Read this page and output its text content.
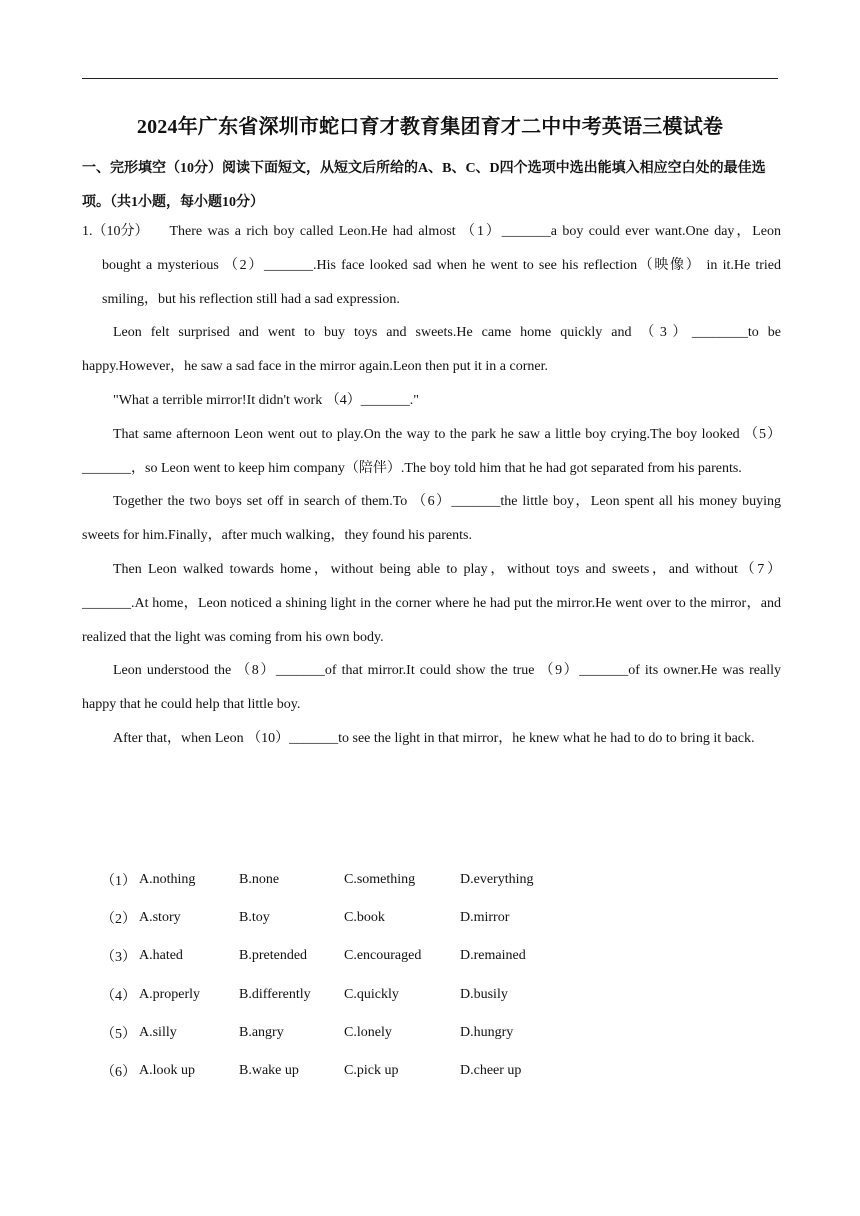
2024年广东省深圳市蛇口育才教育集团育才二中中考英语三模试卷
一、完形填空（10分）阅读下面短文，从短文后所给的A、B、C、D四个选项中选出能填入相应空白处的最佳选项。（共1小题，每小题10分）

1.（10分）   There was a rich boy called Leon.He had almost （1）_______a boy could ever want.One day，Leon bought a mysterious （2）_______.His face looked sad when he went to see his reflection（映像） in it.He tried smiling，but his reflection still had a sad expression.

Leon felt surprised and went to buy toys and sweets.He came home quickly and （3）________to be happy.However，he saw a sad face in the mirror again.Leon then put it in a corner.

"What a terrible mirror!It didn't work （4）_______."

That same afternoon Leon went out to play.On the way to the park he saw a little boy crying.The boy looked （5）_______，so Leon went to keep him company（陪伴）.The boy told him that he had got separated from his parents.

Together the two boys set off in search of them.To （6）_______the little boy，Leon spent all his money buying sweets for him.Finally，after much walking，they found his parents.

Then Leon walked towards home，without being able to play，without toys and sweets，and without（7）_______.At home，Leon noticed a shining light in the corner where he had put the mirror.He went over to the mirror，and realized that the light was coming from his own body.

Leon understood the （8）_______of that mirror.It could show the true （9）_______of its owner.He was really happy that he could help that little boy.

After that，when Leon （10）_______to see the light in that mirror，he knew what he had to do to bring it back.

（1） A.nothing	B.none	C.something	D.everything
（2） A.story	B.toy	C.book	D.mirror
（3） A.hated	B.pretended	C.encouraged	D.remained
（4） A.properly	B.differently	C.quickly	D.busily
（5） A.silly	B.angry	C.lonely	D.hungry
（6） A.look up	B.wake up	C.pick up	D.cheer up
